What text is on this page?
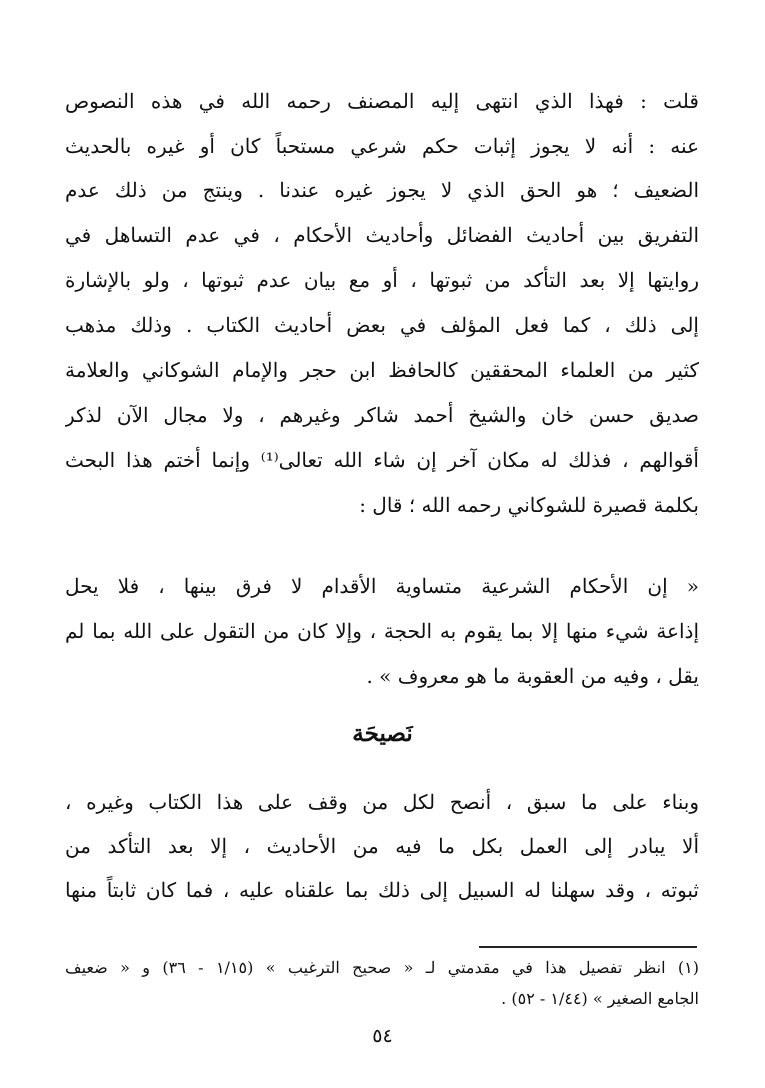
قلت : فهذا الذي انتهى إليه المصنف رحمه الله في هذه النصوص
عنه : أنه لا يجوز إثبات حكم شرعي مستحباً كان أو غيره بالحديث
الضعيف ؛ هو الحق الذي لا يجوز غيره عندنا . وينتج من ذلك عدم
التفريق بين أحاديث الفضائل وأحاديث الأحكام ، في عدم التساهل في
روايتها إلا بعد التأكد من ثبوتها ، أو مع بيان عدم ثبوتها ، ولو بالإشارة
إلى ذلك ، كما فعل المؤلف في بعض أحاديث الكتاب . وذلك مذهب
كثير من العلماء المحققين كالحافظ ابن حجر والإمام الشوكاني والعلامة
صديق حسن خان والشيخ أحمد شاكر وغيرهم ، ولا مجال الآن لذكر
أقوالهم ، فذلك له مكان آخر إن شاء الله تعالى⁽¹⁾ وإنما أختم هذا البحث
بكلمة قصيرة للشوكاني رحمه الله ؛ قال :
« إن الأحكام الشرعية متساوية الأقدام لا فرق بينها ، فلا يحل
إذاعة شيء منها إلا بما يقوم به الحجة ، وإلا كان من التقول على الله بما لم
يقل ، وفيه من العقوبة ما هو معروف » .
نَصيحَة
وبناء على ما سبق ، أنصح لكل من وقف على هذا الكتاب وغيره ،
ألا يبادر إلى العمل بكل ما فيه من الأحاديث ، إلا بعد التأكد من
ثبوته ، وقد سهلنا له السبيل إلى ذلك بما علقناه عليه ، فما كان ثابتاً منها
(١) انظر تفصيل هذا في مقدمتي لـ « صحيح الترغيب » (١/١٥ - ٣٦) و « ضعيف
الجامع الصغير » (١/٤٤ - ٥٢) .
٥٤
